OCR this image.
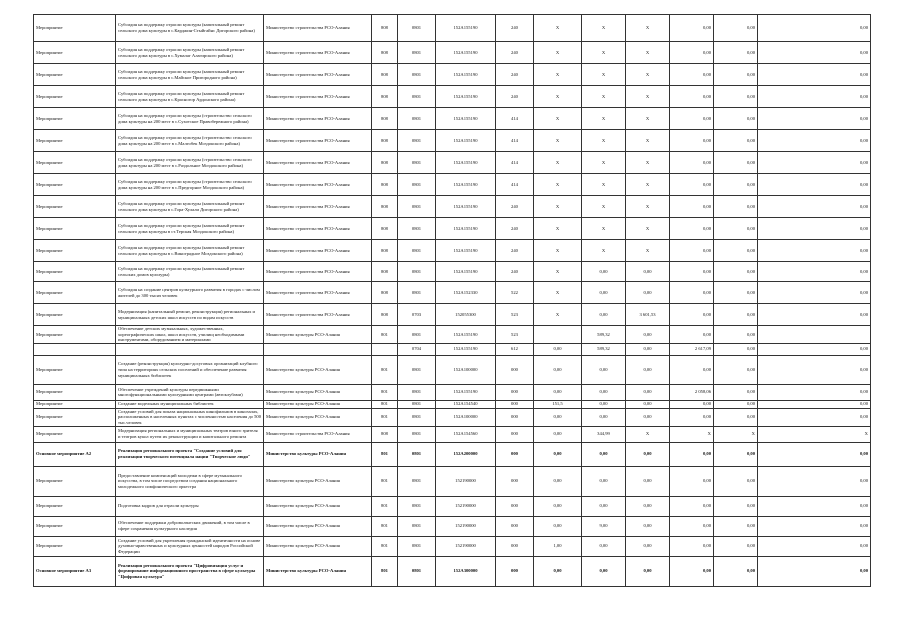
Мероприятие	Субсидия на поддержку отрасли культуры (капитальный ремонт сельского дома культуры в с.Карджин-Стыйгайнс Дигорского района)	Министерство строительства РСО-Алания	808	0801	152А155190	240	X	X	X	0,00	0,00	0,00
Мероприятие	Субсидия на поддержку отрасли культуры (капитальный ремонт сельского дома культуры в с.Хумалаг Алагирского района)	Министерство строительства РСО-Алания	808	0801	152А155190	240	X	X	X	0,00	0,00	0,00
Мероприятие	Субсидия на поддержку отрасли культуры (капитальный ремонт сельского дома культуры в с.Майское Пригородного района)	Министерство строительства РСО-Алания	808	0801	152А155190	240	X	X	X	0,00	0,00	0,00
Мероприятие	Субсидия на поддержку отрасли культуры (капитальный ремонт сельского дома культуры в с.Красногор Ардонского района)	Министерство строительства РСО-Алания	808	0801	152А155190	240	X	X	X	0,00	0,00	0,00
Мероприятие	Субсидия на поддержку отрасли культуры (строительство сельского дома культуры на 200 мест в с.Сухотское Правобережного района)	Министерство строительства РСО-Алания	808	0801	152А155190	414	X	X	X	0,00	0,00	0,00
Мероприятие	Субсидия на поддержку отрасли культуры (строительство сельского дома культуры на 200 мест в с.Малгобек Моздокского района)	Министерство строительства РСО-Алания	808	0801	152А155190	414	X	X	X	0,00	0,00	0,00
Мероприятие	Субсидия на поддержку отрасли культуры (строительство сельского дома культуры на 200 мест в с.Раздольное Моздокского района)	Министерство строительства РСО-Алания	808	0801	152А155190	414	X	X	X	0,00	0,00	0,00
Мероприятие	Субсидия на поддержку отрасли культуры (строительство сельского дома культуры на 200 мест в с.Предгорное Моздокского района)	Министерство строительства РСО-Алания	808	0801	152А155190	414	X	X	X	0,00	0,00	0,00
Мероприятие	Субсидия на поддержку отрасли культуры (капитальный ремонт сельского дома культуры в с.Гора-Хулали Дигорского района)	Министерство строительства РСО-Алания	808	0801	152А155190	240	X	X	X	0,00	0,00	0,00
Мероприятие	Субсидия на поддержку отрасли культуры (капитальный ремонт сельского дома культуры в ст.Терская Моздокского района)	Министерство строительства РСО-Алания	808	0801	152А155190	240	X	X	X	0,00	0,00	0,00
Мероприятие	Субсидия на поддержку отрасли культуры (капитальный ремонт сельского дома культуры в с.Виноградное Моздокского района)	Министерство строительства РСО-Алания	808	0801	152А155190	240	X	X	X	0,00	0,00	0,00
Мероприятие	Субсидия на поддержку отрасли культуры (капитальный ремонт сельских домов культуры)	Министерство строительства РСО-Алания	808	0801	152А155190	240	X	0,00	0,00	0,00	0,00	0,00
Мероприятие	Субсидия на создание центров культурного развития в городах с числом жителей до 300 тысяч человек	Министерство строительства РСО-Алания	808	0801	152А152330	522	X	0,00	0,00	0,00	0,00	0,00
Мероприятие	Модернизация (капитальный ремонт, реконструкция) региональных и муниципальных детских школ искусств по видам искусств	Министерство строительства РСО-Алания	808	0703	152055300	523	X	0,00	3 601,53	0,00	0,00	0,00
Мероприятие	Обеспечение детских музыкальных, художественных, хореографических школ, школ искусств, училищ необходимыми инструментами, оборудованием и материалами	Министерство культуры РСО-Алания	801	0801	152А155190	523		589,32	0,00	0,00	0,00	
				0704	152А155190	612	0,00	589,32	0,00	2 617,09	0,00	0,00
Мероприятие	Создание (реконструкция) культурно-досуговых организаций клубного типа на территориях сельских поселений и обеспечение развития муниципальных библиотек	Министерство культуры РСО-Алания	801	0801	152А100000	000	0,00	0,00	0,00	0,00	0,00	0,00
Мероприятие	Обеспечение учреждений культуры передвижными многофункциональными культурными центрами (автоклубами)	Министерство культуры РСО-Алания	801	0801	152А155190	000	0,00	0,00	0,00	2 058,06	0,00	0,00
Мероприятие	Создание модельных муниципальных библиотек	Министерство культуры РСО-Алания	801	0801	152А154540	000	151,5	0,00	0,00	0,00	0,00	0,00
Мероприятие	Создание условий для показа национальных кинофильмов в кинозалах, расположенных в населенных пунктах с численностью населения до 500 тыс.человек	Министерство культуры РСО-Алания	801	0801	152А100000	000	0,00	0,00	0,00	0,00	0,00	0,00
Мероприятие	Модернизация региональных и муниципальных театров юного зрителя и театров кукол путем их реконструкции и капитального ремонта	Министерство строительства РСО-Алания	808	0801	152А154560	000	0,00	344,99	X	X	X	X
Основное мероприятие А2	Реализация регионального проекта "Создание условий для реализации творческого потенциала нации "Творческие люди"	Министерство культуры РСО-Алания	801	0801	152А200000	000	0,00	0,00	0,00	0,00	0,00	0,00
Мероприятие	Предоставление компенсаций молодежи в сфере музыкального искусства, в том числе посредством создания национального молодежного симфонического оркестра	Министерство культуры РСО-Алания	801	0801	152190000	000	0,00	0,00	0,00	0,00	0,00	0,00
Мероприятие	Подготовка кадров для отрасли культуры	Министерство культуры РСО-Алания	801	0801	152190000	000	0,00	0,00	0,00	0,00	0,00	0,00
Мероприятие	Обеспечение поддержки добровольческих движений, в том числе в сфере сохранения культурного наследия	Министерство культуры РСО-Алания	801	0801	152190000	000	0,00	9,00	0,00	0,00	0,00	0,00
Мероприятие	Создание условий для укрепления гражданской идентичности на основе духовно-нравственных и культурных ценностей народов Российской Федерации	Министерство культуры РСО-Алания	801	0801	152190000	000	1,00	0,00	0,00	0,00	0,00	0,00
Основное мероприятие А3	Реализация регионального проекта "Цифровизация услуг и формирование информационного пространства в сфере культуры "Цифровая культура"	Министерство культуры РСО-Алания	801	0801	152А300000	000	0,00	0,00	0,00	0,00	0,00	0,00
